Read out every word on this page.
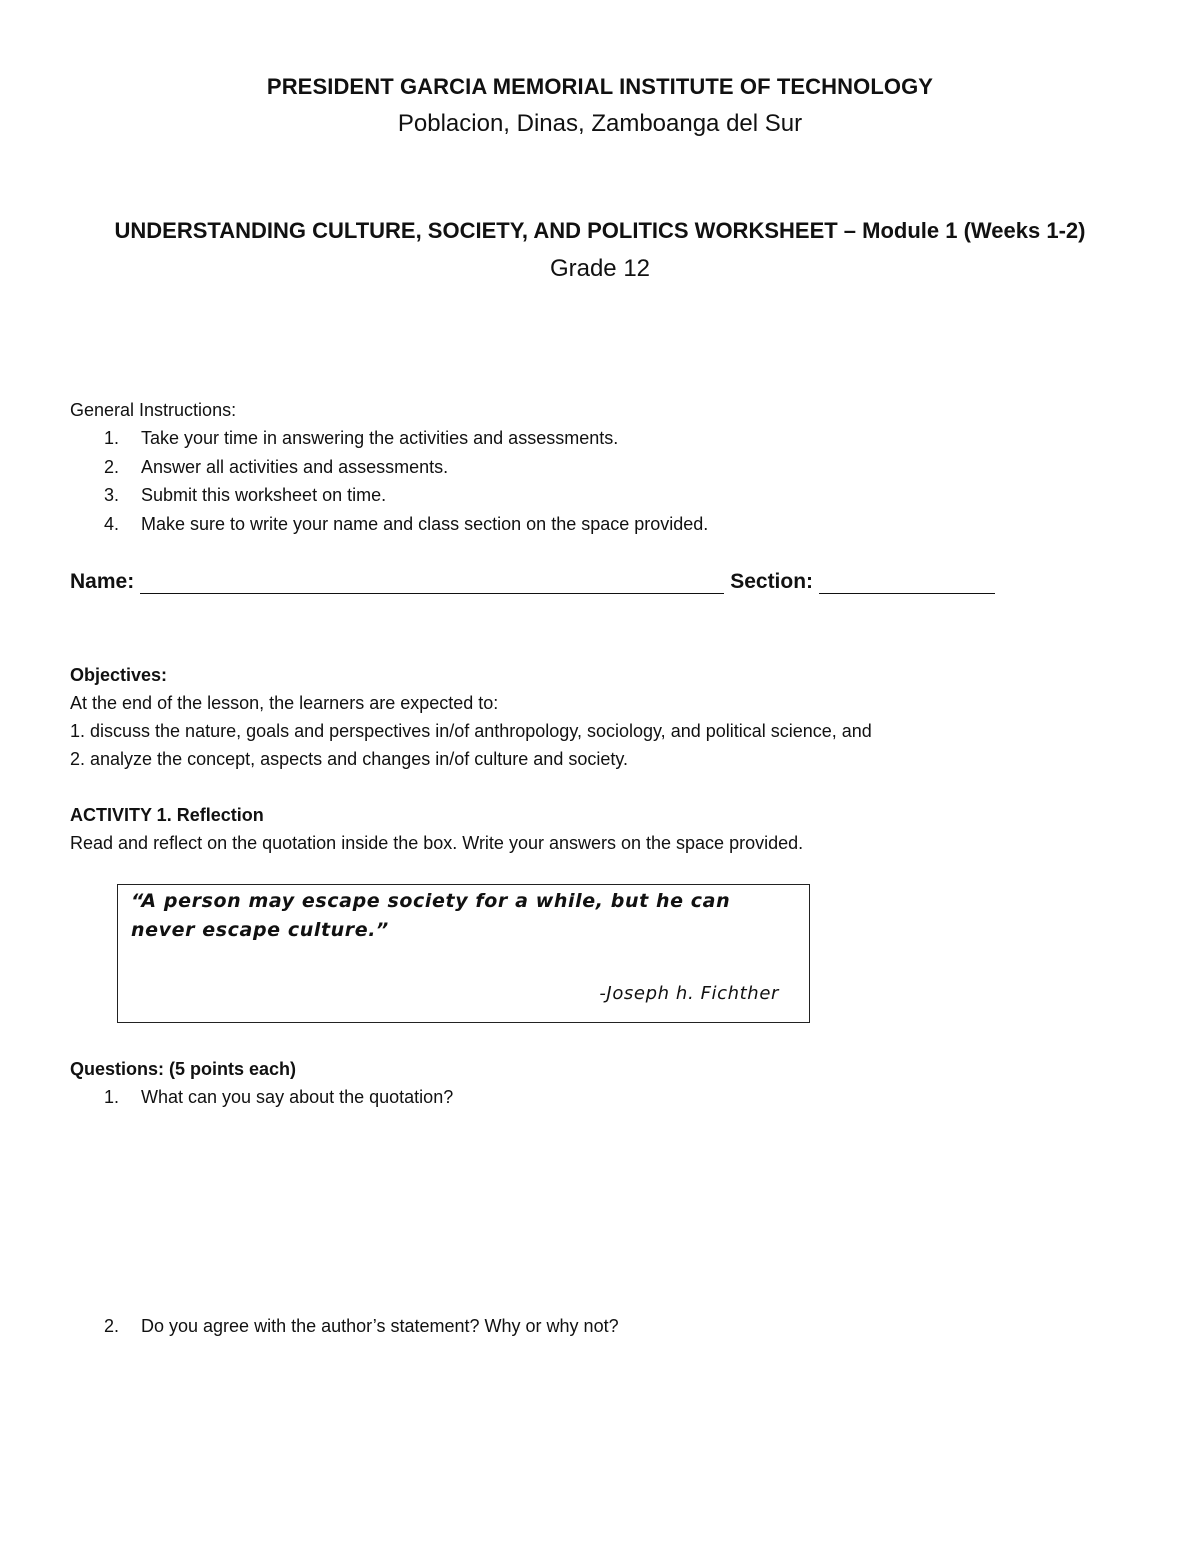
PRESIDENT GARCIA MEMORIAL INSTITUTE OF TECHNOLOGY

Poblacion, Dinas, Zamboanga del Sur

UNDERSTANDING CULTURE, SOCIETY, AND POLITICS WORKSHEET – Module 1 (Weeks 1-2)

Grade 12

General Instructions:

1. Take your time in answering the activities and assessments.
2. Answer all activities and assessments.
3. Submit this worksheet on time.
4. Make sure to write your name and class section on the space provided.
Name:	Section:

Objectives:

At the end of the lesson, the learners are expected to:
1. discuss the nature, goals and perspectives in/of anthropology, sociology, and political science, and
2. analyze the concept, aspects and changes in/of culture and society.

ACTIVITY 1. Reflection

Read and reflect on the quotation inside the box. Write your answers on the space provided.

“A person may escape society for a while, but he can never escape culture.”
-Joseph h. Fichther

Questions: (5 points each)

1. What can you say about the quotation?
2. Do you agree with the author’s statement? Why or why not?
